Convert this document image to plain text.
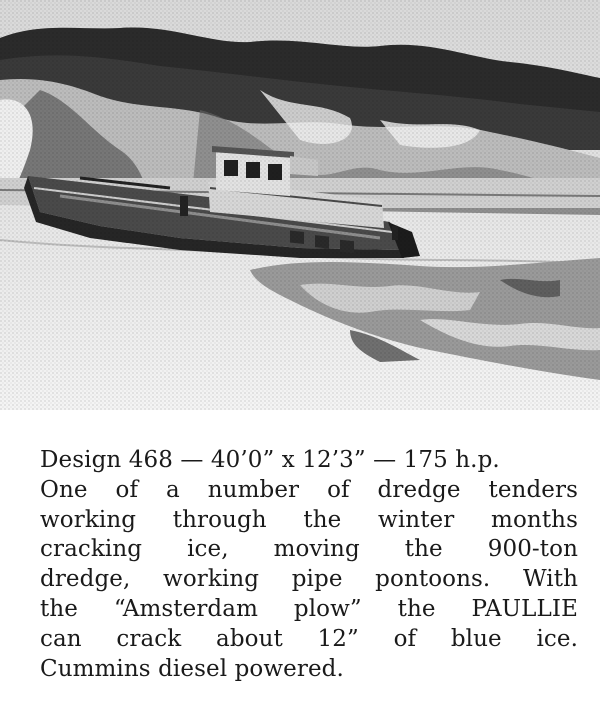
Design 468 — 40’0” x 12’3” — 175 h.p.
One of a number of dredge tenders
working through the winter months
cracking ice, moving the 900-ton
dredge, working pipe pontoons. With
the “Amsterdam plow” the PAULLIE
can crack about 12” of blue ice.
Cummins diesel powered.
